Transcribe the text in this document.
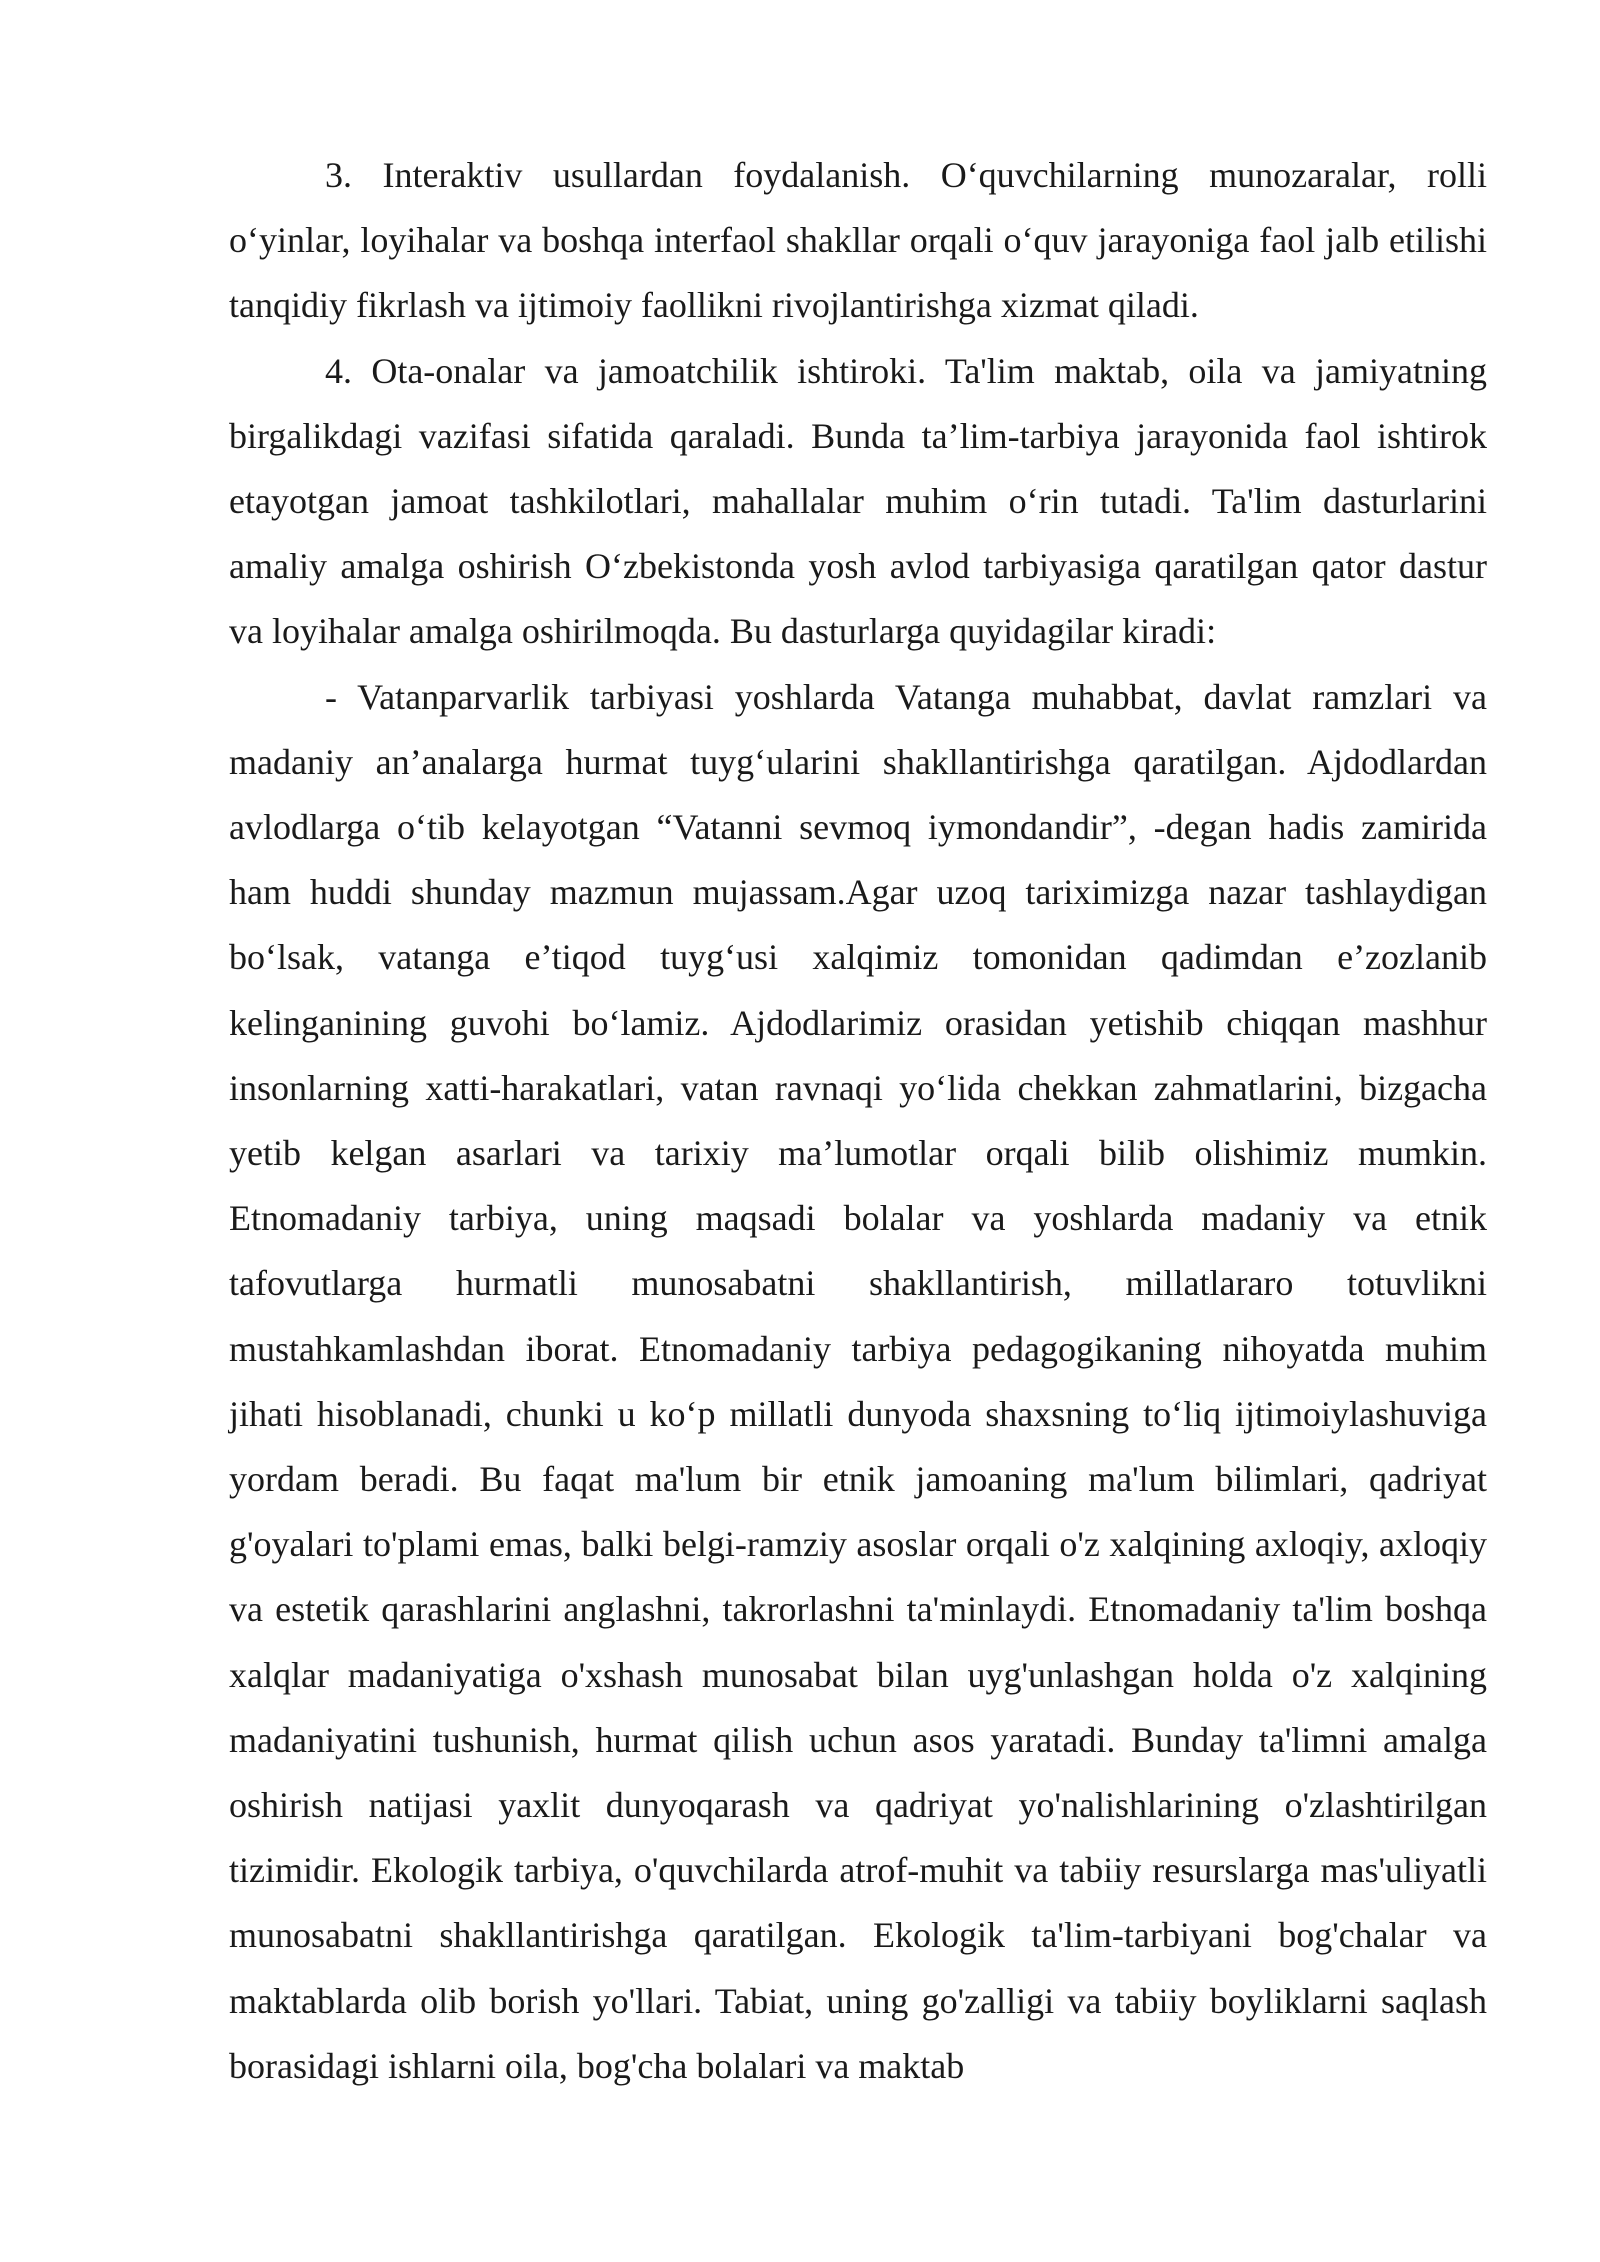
3. Interaktiv usullardan foydalanish. O‘quvchilarning munozaralar, rolli o‘yinlar, loyihalar va boshqa interfaol shakllar orqali o‘quv jarayoniga faol jalb etilishi tanqidiy fikrlash va ijtimoiy faollikni rivojlantirishga xizmat qiladi.

4. Ota-onalar va jamoatchilik ishtiroki. Ta'lim maktab, oila va jamiyatning birgalikdagi vazifasi sifatida qaraladi. Bunda ta’lim-tarbiya jarayonida faol ishtirok etayotgan jamoat tashkilotlari, mahallalar muhim o‘rin tutadi. Ta'lim dasturlarini amaliy amalga oshirish O‘zbekistonda yosh avlod tarbiyasiga qaratilgan qator dastur va loyihalar amalga oshirilmoqda. Bu dasturlarga quyidagilar kiradi:

- Vatanparvarlik tarbiyasi yoshlarda Vatanga muhabbat, davlat ramzlari va madaniy an’analarga hurmat tuyg‘ularini shakllantirishga qaratilgan. Ajdodlardan avlodlarga o‘tib kelayotgan “Vatanni sevmoq iymondandir”, -degan hadis zamirida ham huddi shunday mazmun mujassam.Agar uzoq tariximizga nazar tashlaydigan bo‘lsak, vatanga e’tiqod tuyg‘usi xalqimiz tomonidan qadimdan e’zozlanib kelinganining guvohi bo‘lamiz. Ajdodlarimiz orasidan yetishib chiqqan mashhur insonlarning xatti-harakatlari, vatan ravnaqi yo‘lida chekkan zahmatlarini, bizgacha yetib kelgan asarlari va tarixiy ma’lumotlar orqali bilib olishimiz mumkin. Etnomadaniy tarbiya, uning maqsadi bolalar va yoshlarda madaniy va etnik tafovutlarga hurmatli munosabatni shakllantirish, millatlararo totuvlikni mustahkamlashdan iborat. Etnomadaniy tarbiya pedagogikaning nihoyatda muhim jihati hisoblanadi, chunki u ko‘p millatli dunyoda shaxsning to‘liq ijtimoiylashuviga yordam beradi. Bu faqat ma'lum bir etnik jamoaning ma'lum bilimlari, qadriyat g'oyalari to'plami emas, balki belgi-ramziy asoslar orqali o'z xalqining axloqiy, axloqiy va estetik qarashlarini anglashni, takrorlashni ta'minlaydi. Etnomadaniy ta'lim boshqa xalqlar madaniyatiga o'xshash munosabat bilan uyg'unlashgan holda o'z xalqining madaniyatini tushunish, hurmat qilish uchun asos yaratadi. Bunday ta'limni amalga oshirish natijasi yaxlit dunyoqarash va qadriyat yo'nalishlarining o'zlashtirilgan tizimidir. Ekologik tarbiya, o'quvchilarda atrof-muhit va tabiiy resurslarga mas'uliyatli munosabatni shakllantirishga qaratilgan. Ekologik ta'lim-tarbiyani bog'chalar va maktablarda olib borish yo'llari. Tabiat, uning go'zalligi va tabiiy boyliklarni saqlash borasidagi ishlarni oila, bog'cha bolalari va maktab
